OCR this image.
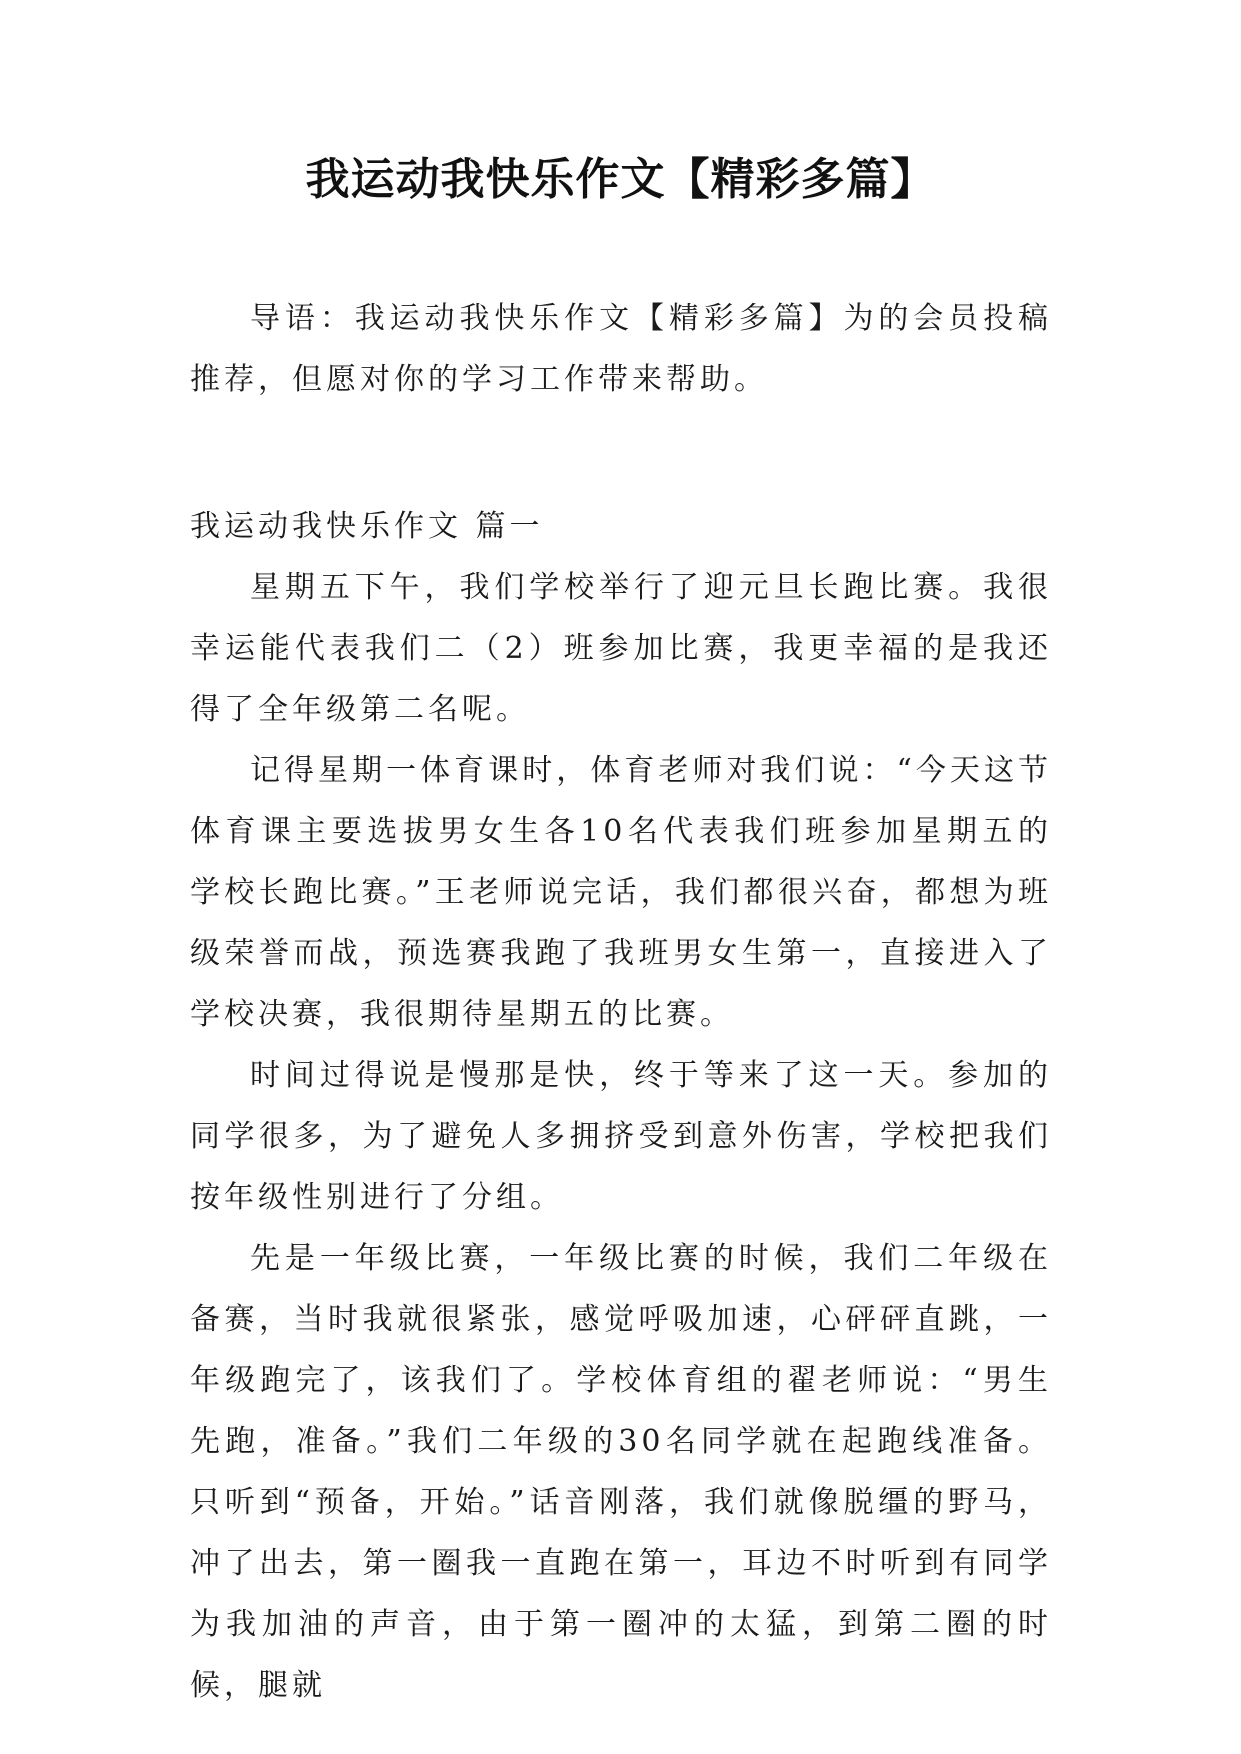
我运动我快乐作文【精彩多篇】

导语：我运动我快乐作文【精彩多篇】为的会员投稿推荐，但愿对你的学习工作带来帮助。

我运动我快乐作文 篇一

星期五下午，我们学校举行了迎元旦长跑比赛。我很幸运能代表我们二（2）班参加比赛，我更幸福的是我还得了全年级第二名呢。

记得星期一体育课时，体育老师对我们说：“今天这节体育课主要选拔男女生各10名代表我们班参加星期五的学校长跑比赛。”王老师说完话，我们都很兴奋，都想为班级荣誉而战，预选赛我跑了我班男女生第一，直接进入了学校决赛，我很期待星期五的比赛。

时间过得说是慢那是快，终于等来了这一天。参加的同学很多，为了避免人多拥挤受到意外伤害，学校把我们按年级性别进行了分组。

先是一年级比赛，一年级比赛的时候，我们二年级在备赛，当时我就很紧张，感觉呼吸加速，心砰砰直跳，一年级跑完了，该我们了。学校体育组的翟老师说：“男生先跑，准备。”我们二年级的30名同学就在起跑线准备。只听到“预备，开始。”话音刚落，我们就像脱缰的野马，冲了出去，第一圈我一直跑在第一，耳边不时听到有同学为我加油的声音，由于第一圈冲的太猛，到第二圈的时候，腿就
